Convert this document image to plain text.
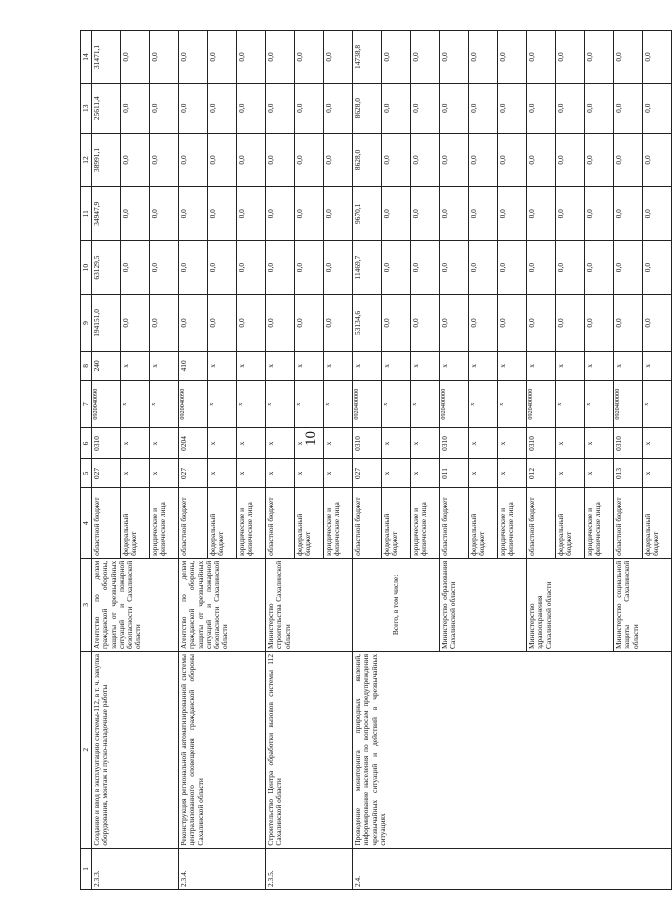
10
1	2	3	4	5	6	7	8	9	10	11	12	13	14
2.3.3.	Создание и ввод в эксплуатацию системы-112, в т. ч. закупка оборудования, монтаж и пуско-наладочные работы	Агентство по делам гражданской обороны, защиты от чрезвычайных ситуаций и пожарной безопасности Сахалинской области	областной бюджет	027	0310	0920040090	240	194151,0	63129,5	34947,9	38991,1	25611,4	31471,1
			федеральный бюджет	x	x	x	x	0,0	0,0	0,0	0,0	0,0	0,0
			юридические и физические лица	x	x	x	x	0,0	0,0	0,0	0,0	0,0	0,0
2.3.4.	Реконструкция региональной автоматизированной системы централизованного оповещения гражданской обороны Сахалинской области	Агентство по делам гражданской обороны, защиты от чрезвычайных ситуаций и пожарной безопасности Сахалинской области	областной бюджет	027	0204	0920040090	410	0,0	0,0	0,0	0,0	0,0	0,0
			федеральный бюджет	x	x	x	x	0,0	0,0	0,0	0,0	0,0	0,0
			юридические и физические лица	x	x	x	x	0,0	0,0	0,0	0,0	0,0	0,0
2.3.5.	Строительство Центра обработки вызовов системы 112 Сахалинской области	Министерство строительства Сахалинской области	областной бюджет	x	x	x	x	0,0	0,0	0,0	0,0	0,0	0,0
			федеральный бюджет	x	x	x	x	0,0	0,0	0,0	0,0	0,0	0,0
			юридические и физические лица	x	x	x	x	0,0	0,0	0,0	0,0	0,0	0,0
2.4.	Проведение мониторинга природных явлений, информирование населения по вопросам предупреждения чрезвычайных ситуаций и действий в чрезвычайных ситуациях	Всего, в том числе:	областной бюджет	027	0310	0920400000	x	53134,6	11469,7	9670,1	8628,0	8628,0	14738,8
			федеральный бюджет	x	x	x	x	0,0	0,0	0,0	0,0	0,0	0,0
			юридические и физические лица	x	x	x	x	0,0	0,0	0,0	0,0	0,0	0,0
		Министерство образования Сахалинской области	областной бюджет	011	0310	0920400000	x	0,0	0,0	0,0	0,0	0,0	0,0
			федеральный бюджет	x	x	x	x	0,0	0,0	0,0	0,0	0,0	0,0
			юридические и физические лица	x	x	x	x	0,0	0,0	0,0	0,0	0,0	0,0
		Министерство здравоохранения Сахалинской области	областной бюджет	012	0310	0920400000	x	0,0	0,0	0,0	0,0	0,0	0,0
			федеральный бюджет	x	x	x	x	0,0	0,0	0,0	0,0	0,0	0,0
			юридические и физические лица	x	x	x	x	0,0	0,0	0,0	0,0	0,0	0,0
		Министерство социальной защиты Сахалинской области	областной бюджет	013	0310	0920400000	x	0,0	0,0	0,0	0,0	0,0	0,0
			федеральный бюджет	x	x	x	x	0,0	0,0	0,0	0,0	0,0	0,0
